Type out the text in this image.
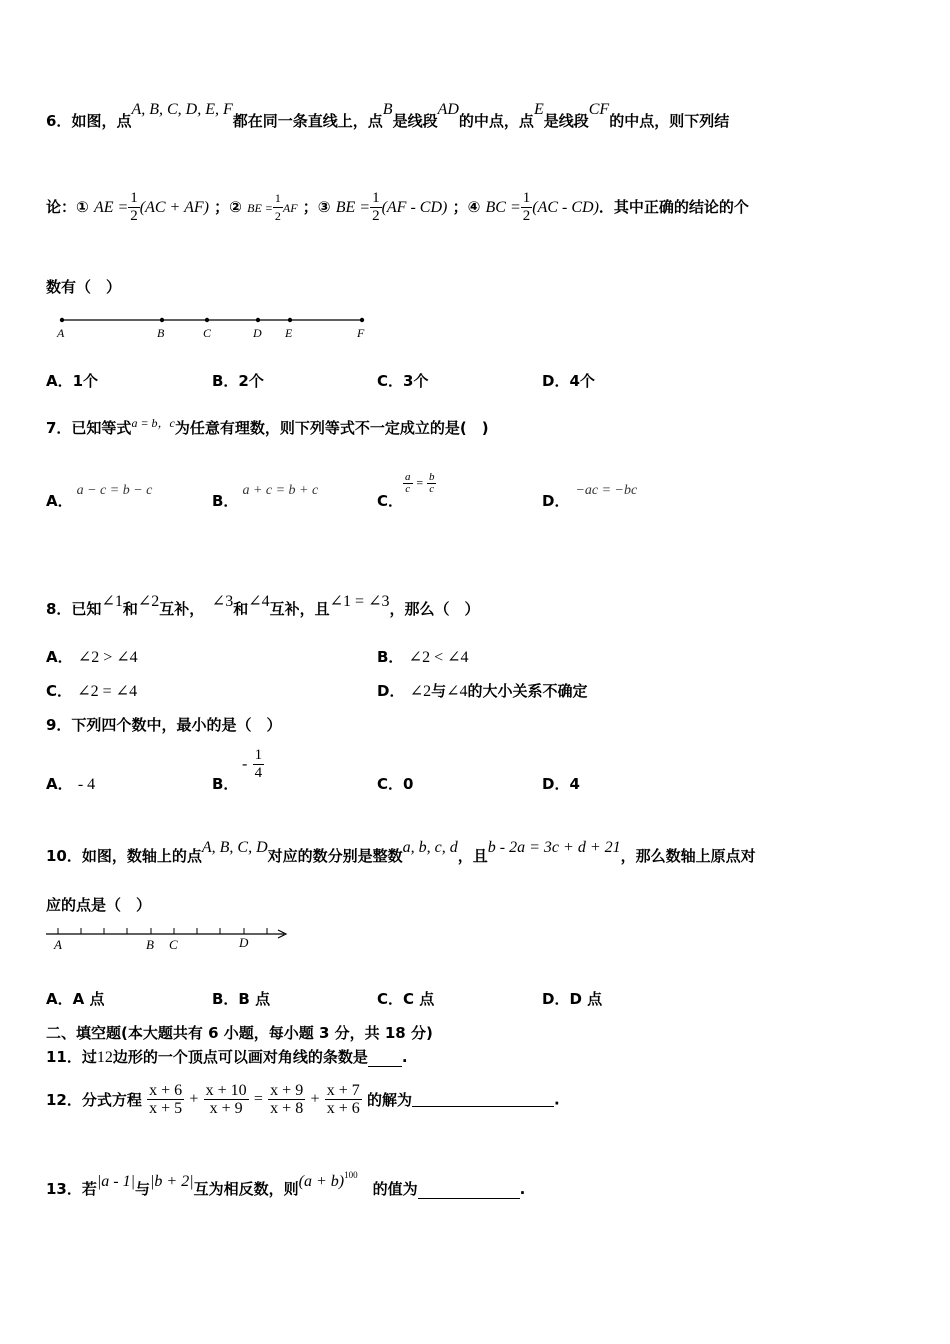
6．如图，点A, B, C, D, E, F都在同一条直线上，点B是线段AD的中点，点E是线段CF的中点，则下列结
论：① AE = $\frac{1}{2} (AC + AF)$ ；② BE = $\frac{1}{2}$ AF ；③ BE = $\frac{1}{2} (AF - CD)$ ；④ BC = $\frac{1}{2} (AC - CD)$．其中正确的结论的个
数有（　）
A	B	C	D E	F
A．1个	B．2个	C．3个	D．4个
7．已知等式$^{a = b,c}$为任意有理数，则下列等式不一定成立的是(　)
A．a − c = b − c
B．a + c = b + c
C．
$\frac{a}{c} = \frac{b}{c}$
D．−ac = −bc
8．已知∠1和∠2互补，　 ∠3和∠4互补，且∠1 = ∠3，那么（　）
A． ∠2 > ∠4	B． ∠2 < ∠4
C． ∠2 = ∠4	D． ∠2与∠4的大小关系不确定
9．下列四个数中，最小的是（　）
A． - 4	B．
- $\frac{1}{4}$
C．0	D．4
10．如图，数轴上的点A, B, C, D对应的数分别是整数a, b, c, d，且b - 2a = 3c + d + 21，那么数轴上原点对
应的点是（　）
A	B C	D
A．A 点	B．B 点	C．C 点	D．D 点
二、填空题(本大题共有 6 小题，每小题 3 分，共 18 分)
11．过12边形的一个顶点可以画对角线的条数是 .
12．分式方程 $\frac{x + 6}{x + 5} + \frac{x + 10}{x + 9} = \frac{x + 9}{x + 8} + \frac{x + 7}{x + 6}$ 的解为	.
13．若|a - 1|与|b + 2|互为相反数，则$(a + b)^{100}$　的值为	.
